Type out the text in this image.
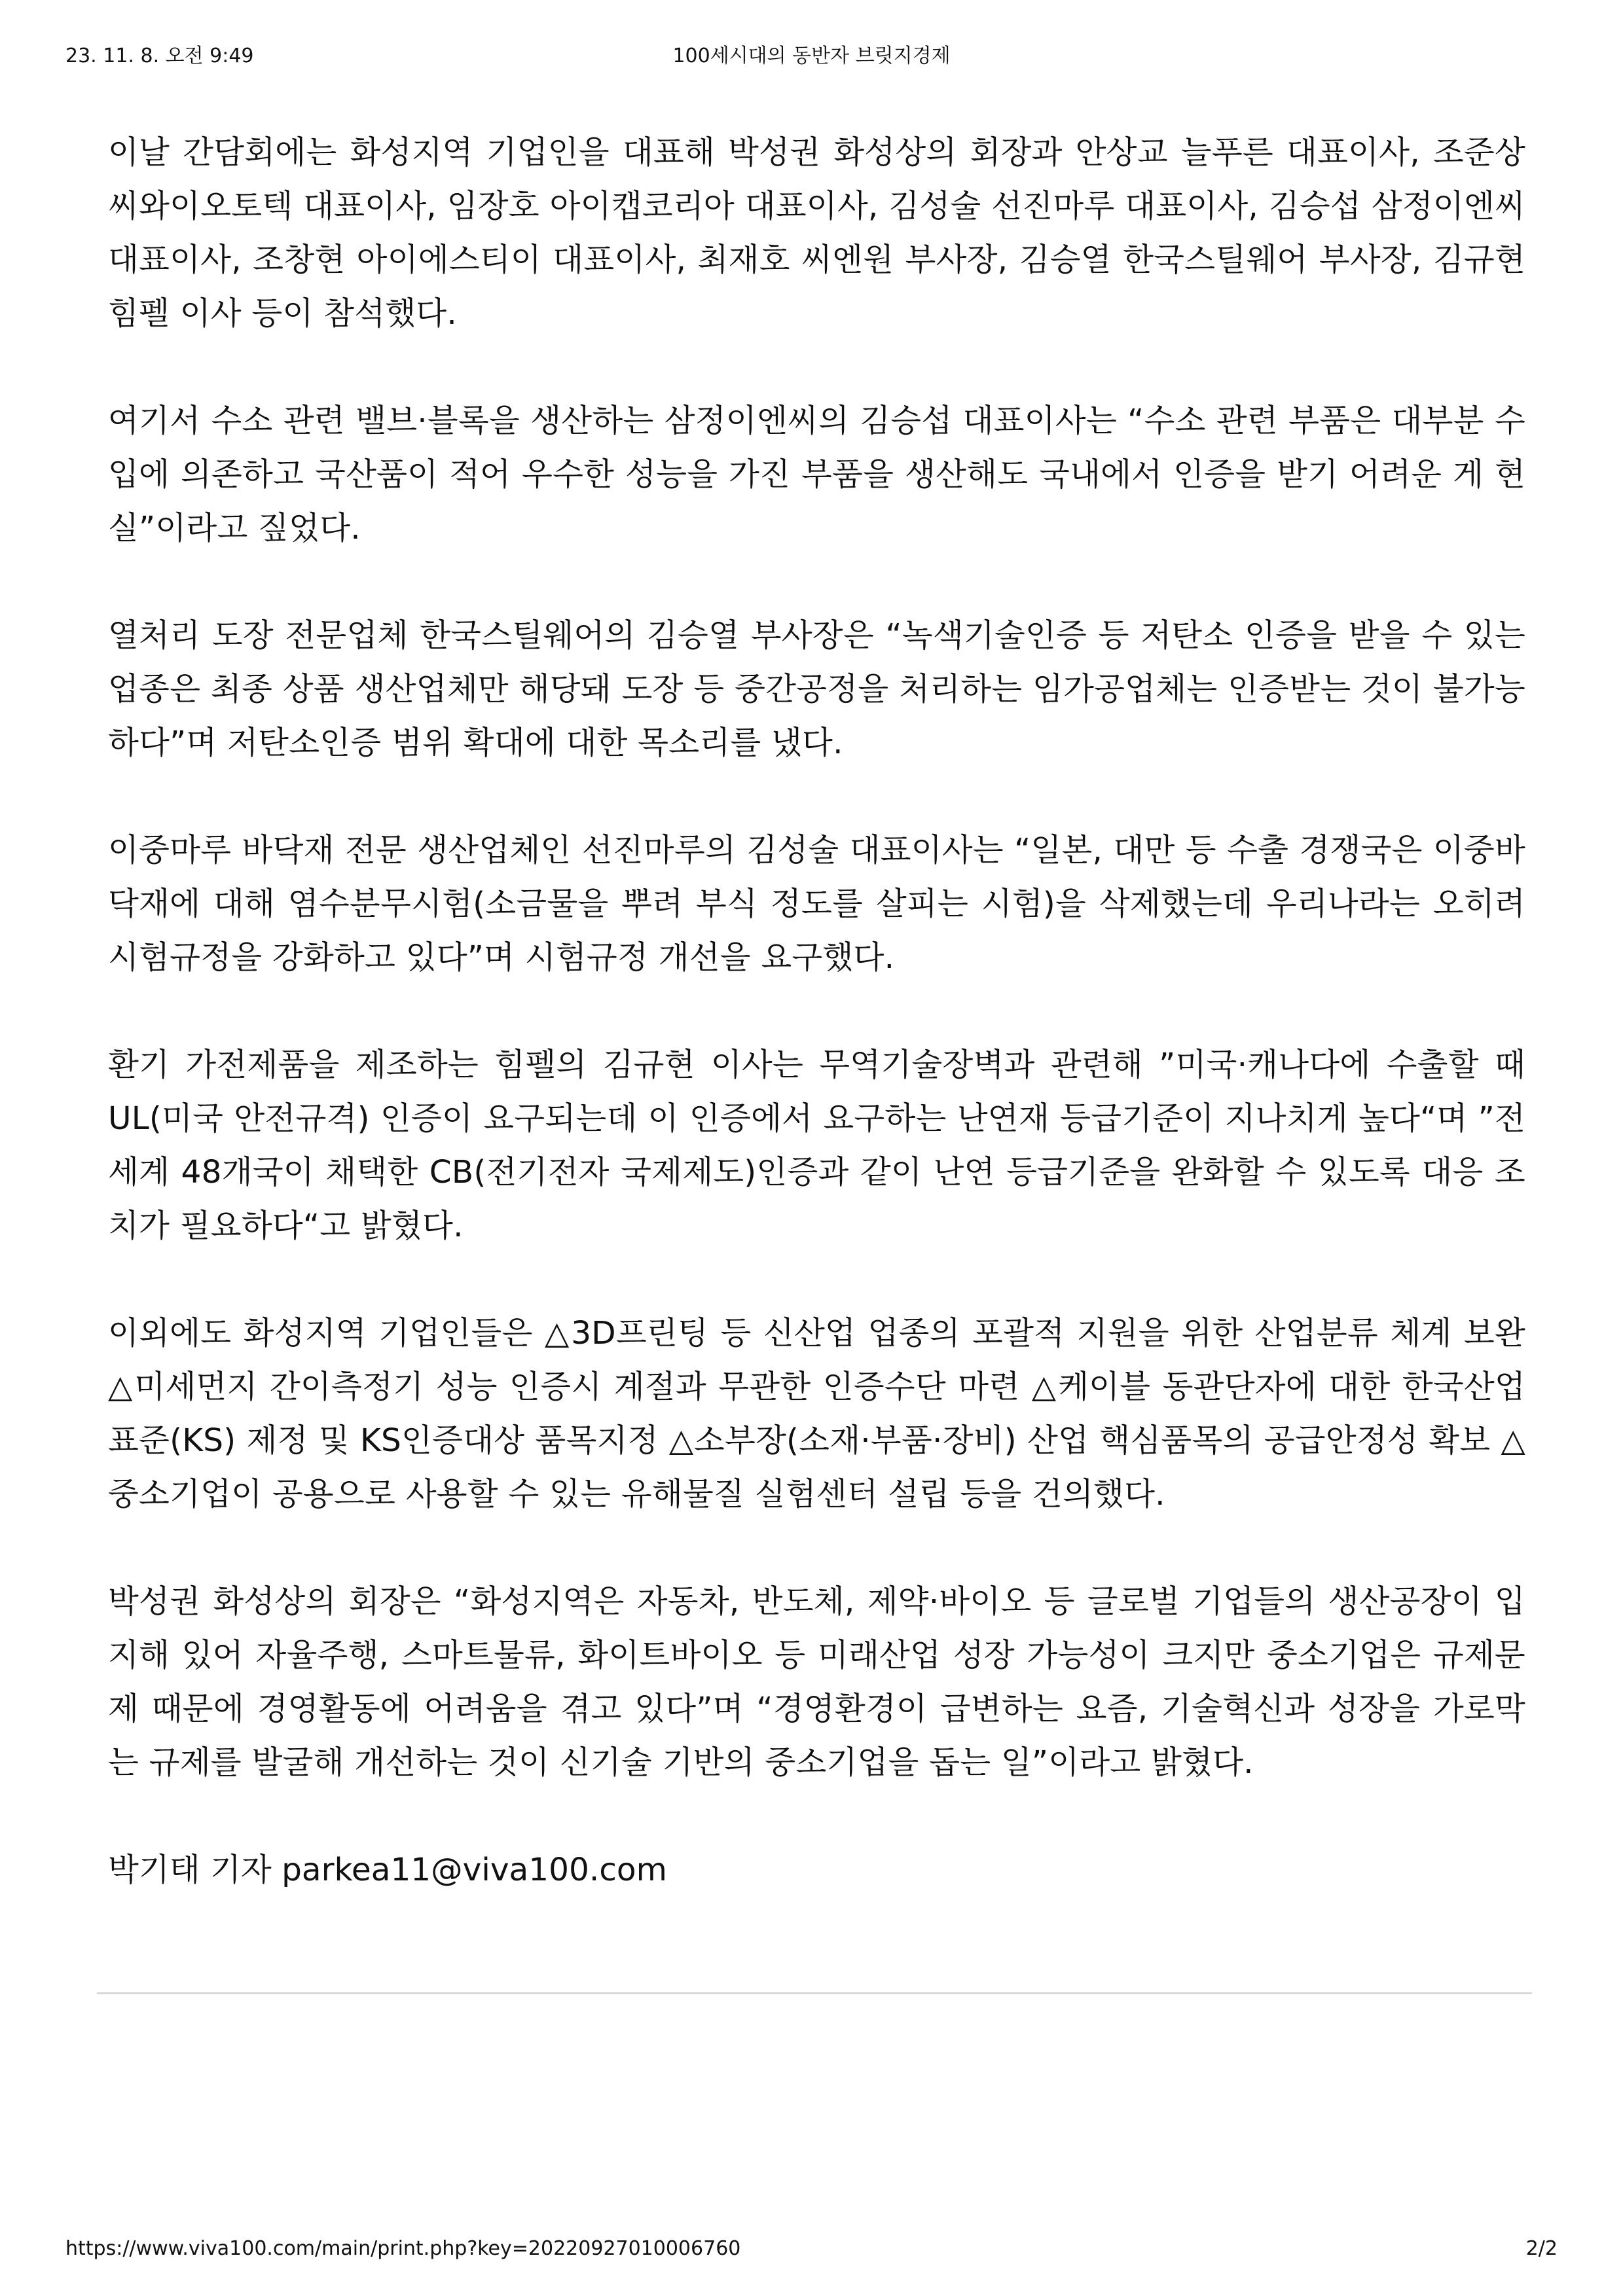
23. 11. 8. 오전 9:49	100세시대의 동반자 브릿지경제

이날 간담회에는 화성지역 기업인을 대표해 박성권 화성상의 회장과 안상교 늘푸른 대표이사, 조준상 씨와이오토텍 대표이사, 임장호 아이캡코리아 대표이사, 김성술 선진마루 대표이사, 김승섭 삼정이엔씨 대표이사, 조창현 아이에스티이 대표이사, 최재호 씨엔원 부사장, 김승열 한국스틸웨어 부사장, 김규현 힘펠 이사 등이 참석했다.

여기서 수소 관련 밸브·블록을 생산하는 삼정이엔씨의 김승섭 대표이사는 “수소 관련 부품은 대부분 수입에 의존하고 국산품이 적어 우수한 성능을 가진 부품을 생산해도 국내에서 인증을 받기 어려운 게 현실”이라고 짚었다.

열처리 도장 전문업체 한국스틸웨어의 김승열 부사장은 “녹색기술인증 등 저탄소 인증을 받을 수 있는 업종은 최종 상품 생산업체만 해당돼 도장 등 중간공정을 처리하는 임가공업체는 인증받는 것이 불가능하다”며 저탄소인증 범위 확대에 대한 목소리를 냈다.

이중마루 바닥재 전문 생산업체인 선진마루의 김성술 대표이사는 “일본, 대만 등 수출 경쟁국은 이중바닥재에 대해 염수분무시험(소금물을 뿌려 부식 정도를 살피는 시험)을 삭제했는데 우리나라는 오히려 시험규정을 강화하고 있다”며 시험규정 개선을 요구했다.

환기 가전제품을 제조하는 힘펠의 김규현 이사는 무역기술장벽과 관련해 ”미국·캐나다에 수출할 때 UL(미국 안전규격) 인증이 요구되는데 이 인증에서 요구하는 난연재 등급기준이 지나치게 높다“며 ”전세계 48개국이 채택한 CB(전기전자 국제제도)인증과 같이 난연 등급기준을 완화할 수 있도록 대응 조치가 필요하다“고 밝혔다.

이외에도 화성지역 기업인들은 △3D프린팅 등 신산업 업종의 포괄적 지원을 위한 산업분류 체계 보완 △미세먼지 간이측정기 성능 인증시 계절과 무관한 인증수단 마련 △케이블 동관단자에 대한 한국산업표준(KS) 제정 및 KS인증대상 품목지정 △소부장(소재·부품·장비) 산업 핵심품목의 공급안정성 확보 △중소기업이 공용으로 사용할 수 있는 유해물질 실험센터 설립 등을 건의했다.

박성권 화성상의 회장은 “화성지역은 자동차, 반도체, 제약·바이오 등 글로벌 기업들의 생산공장이 입지해 있어 자율주행, 스마트물류, 화이트바이오 등 미래산업 성장 가능성이 크지만 중소기업은 규제문제 때문에 경영활동에 어려움을 겪고 있다”며 “경영환경이 급변하는 요즘, 기술혁신과 성장을 가로막는 규제를 발굴해 개선하는 것이 신기술 기반의 중소기업을 돕는 일”이라고 밝혔다.

박기태 기자 parkea11@viva100.com

https://www.viva100.com/main/print.php?key=20220927010006760	2/2
